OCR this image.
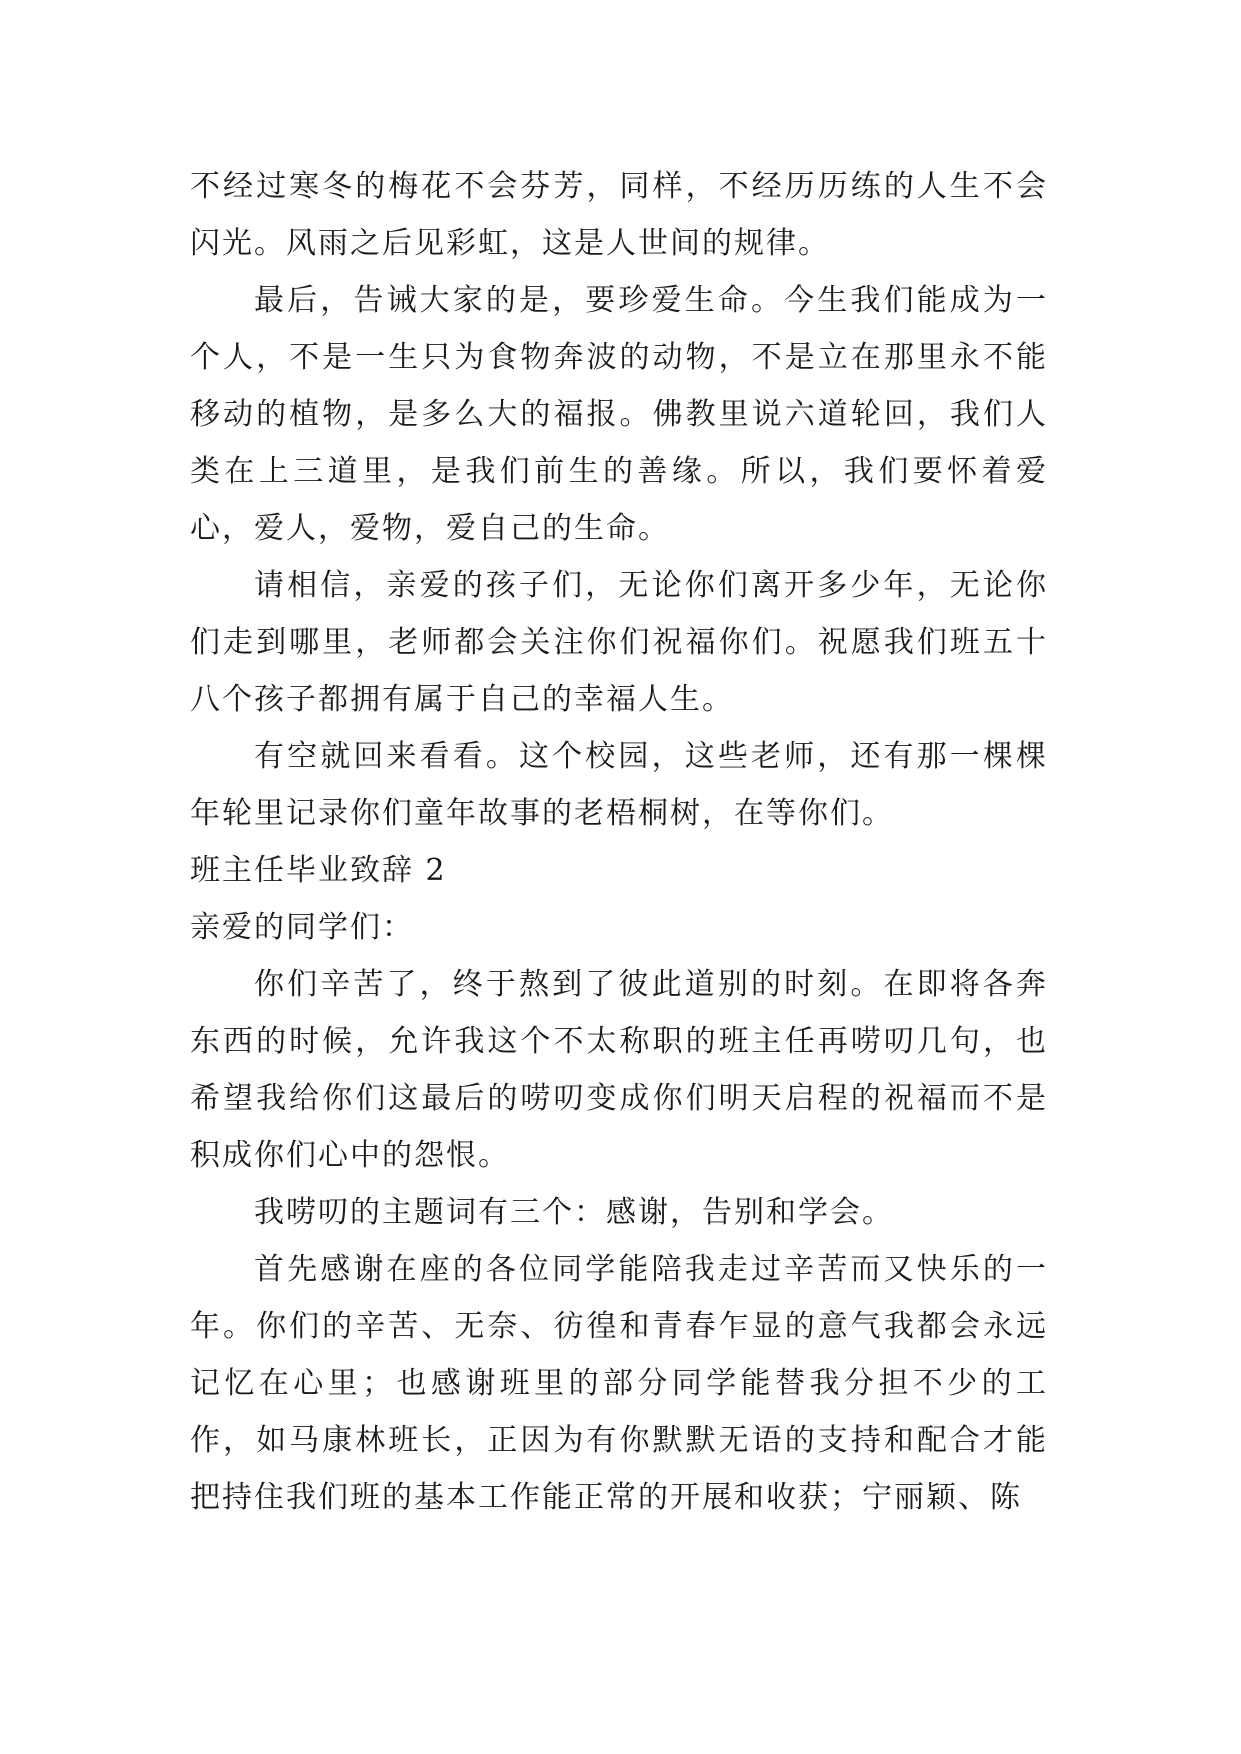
不经过寒冬的梅花不会芬芳，同样，不经历历练的人生不会闪光。风雨之后见彩虹，这是人世间的规律。

最后，告诫大家的是，要珍爱生命。今生我们能成为一个人，不是一生只为食物奔波的动物，不是立在那里永不能移动的植物，是多么大的福报。佛教里说六道轮回，我们人类在上三道里，是我们前生的善缘。所以，我们要怀着爱心，爱人，爱物，爱自己的生命。

请相信，亲爱的孩子们，无论你们离开多少年，无论你们走到哪里，老师都会关注你们祝福你们。祝愿我们班五十八个孩子都拥有属于自己的幸福人生。

有空就回来看看。这个校园，这些老师，还有那一棵棵年轮里记录你们童年故事的老梧桐树，在等你们。

班主任毕业致辞 2

亲爱的同学们：

你们辛苦了，终于熬到了彼此道别的时刻。在即将各奔东西的时候，允许我这个不太称职的班主任再唠叨几句，也希望我给你们这最后的唠叨变成你们明天启程的祝福而不是积成你们心中的怨恨。

我唠叨的主题词有三个：感谢，告别和学会。

首先感谢在座的各位同学能陪我走过辛苦而又快乐的一年。你们的辛苦、无奈、彷徨和青春乍显的意气我都会永远记忆在心里；也感谢班里的部分同学能替我分担不少的工作，如马康林班长，正因为有你默默无语的支持和配合才能把持住我们班的基本工作能正常的开展和收获；宁丽颖、陈
